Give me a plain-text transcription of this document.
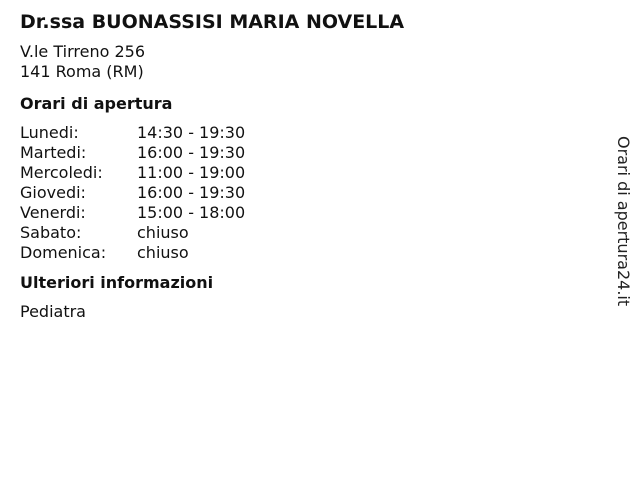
Dr.ssa BUONASSISI MARIA NOVELLA
V.le Tirreno 256
141 Roma (RM)
Orari di apertura
Lunedi:	14:30 - 19:30
Martedi:	16:00 - 19:30
Mercoledi:	11:00 - 19:00
Giovedi:	16:00 - 19:30
Venerdi:	15:00 - 18:00
Sabato:	chiuso
Domenica:	chiuso
Ulteriori informazioni
Pediatra
Orari di apertura24.it
